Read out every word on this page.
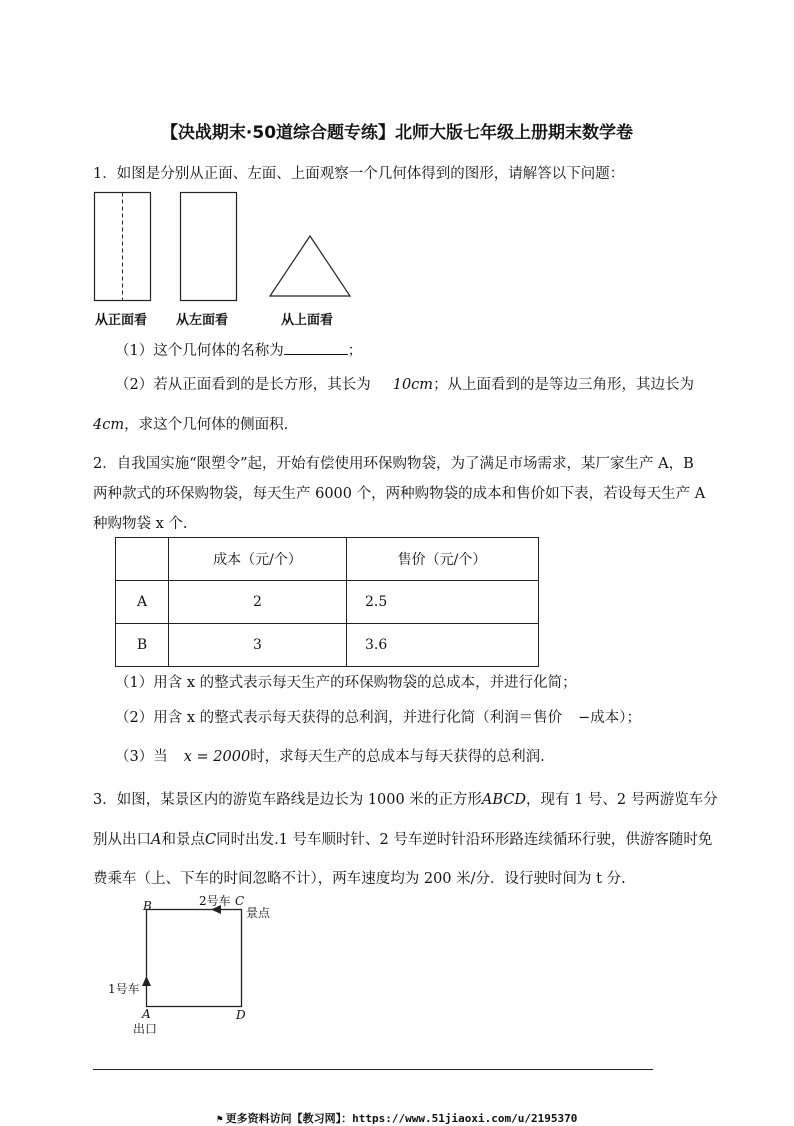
【决战期末·50道综合题专练】北师大版七年级上册期末数学卷
1．如图是分别从正面、左面、上面观察一个几何体得到的图形，请解答以下问题：
从正面看 从左面看	从上面看
（1）这个几何体的名称为	；
（2）若从正面看到的是长方形，其长为 10cm；从上面看到的是等边三角形，其边长为
4cm，求这个几何体的侧面积.
2．自我国实施“限塑令”起，开始有偿使用环保购物袋，为了满足市场需求，某厂家生产 A，B
两种款式的环保购物袋，每天生产 6000 个，两种购物袋的成本和售价如下表，若设每天生产 A
种购物袋 x 个.
	成本（元/个）	售价（元/个）
A	2	2.5
B	3	3.6
（1）用含 x 的整式表示每天生产的环保购物袋的总成本，并进行化简；
（2）用含 x 的整式表示每天获得的总利润，并进行化简（利润＝售价 −成本）；
（3）当 x = 2000时，求每天生产的总成本与每天获得的总利润.
3．如图，某景区内的游览车路线是边长为 1000 米的正方形ABCD，现有 1 号、2 号两游览车分
别从出口A和景点C同时出发.1 号车顺时针、2 号车逆时针沿环形路连续循环行驶，供游客随时免
费乘车（上、下车的时间忽略不计），两车速度均为 200 米/分．设行驶时间为 t 分.
B	C
2号车
景点
1号车
A	D
出口
⚑ 更多资料访问【教习网】：https://www.51jiaoxi.com/u/2195370
